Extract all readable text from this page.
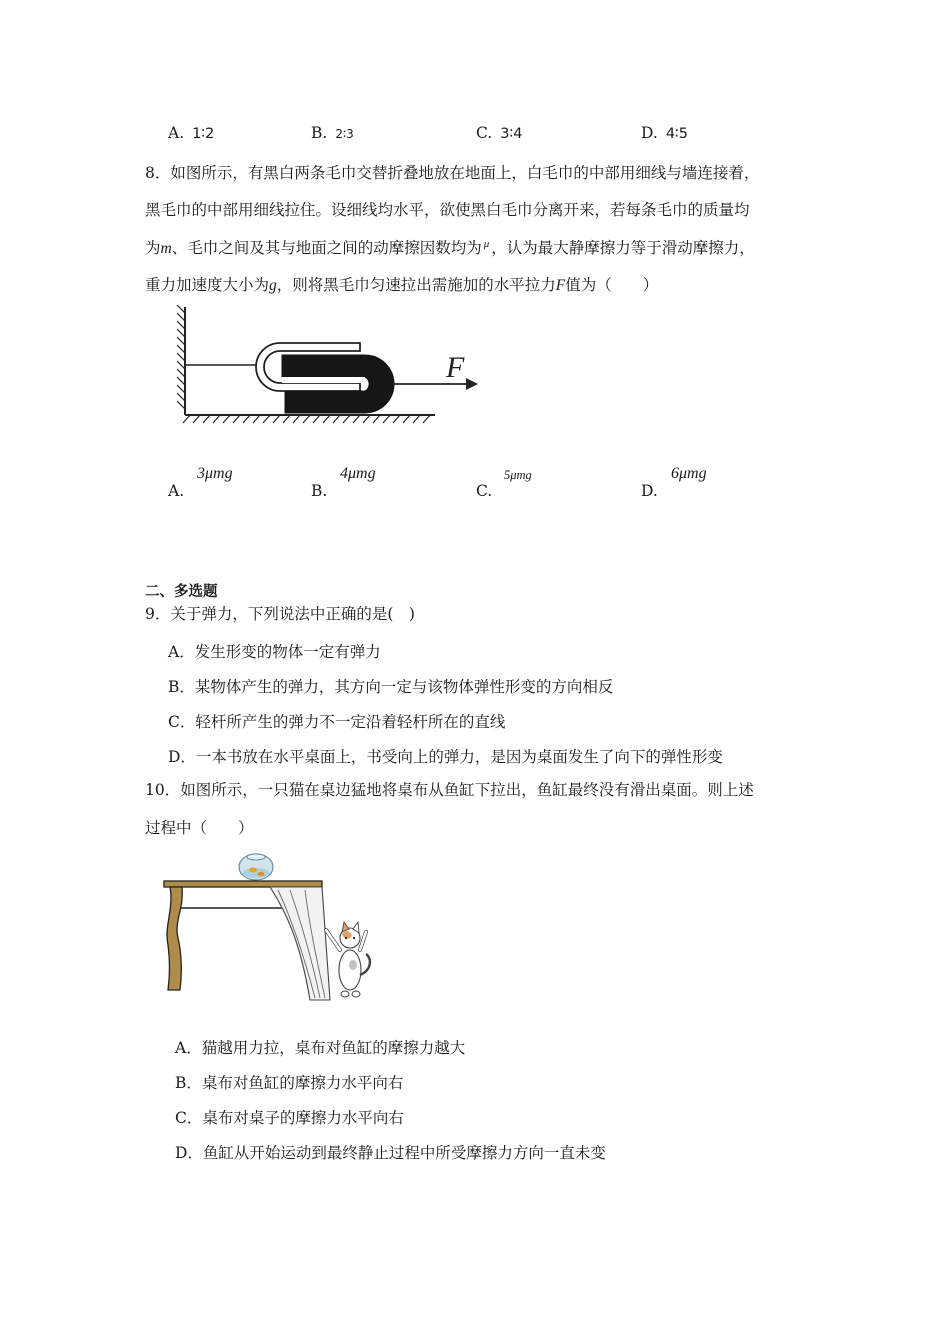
A. 1∶2	B. 2∶3	C. 3∶4	D. 4∶5
8．如图所示，有黑白两条毛巾交替折叠地放在地面上，白毛巾的中部用细线与墙连接着，
黑毛巾的中部用细线拉住。设细线均水平，欲使黑白毛巾分离开来，若每条毛巾的质量均
为m、毛巾之间及其与地面之间的动摩擦因数均为 $^\mu$ ，认为最大静摩擦力等于滑动摩擦力，
重力加速度大小为g，则将黑毛巾匀速拉出需施加的水平拉力F值为（　　）
F
A.
3μmg
B.
4μmg
C.
5μmg
D.
6μmg
二、多选题
9．关于弹力，下列说法中正确的是(　)
A．发生形变的物体一定有弹力
B．某物体产生的弹力，其方向一定与该物体弹性形变的方向相反
C．轻杆所产生的弹力不一定沿着轻杆所在的直线
D．一本书放在水平桌面上，书受向上的弹力，是因为桌面发生了向下的弹性形变
10．如图所示，一只猫在桌边猛地将桌布从鱼缸下拉出，鱼缸最终没有滑出桌面。则上述
过程中（　　）
A．猫越用力拉，桌布对鱼缸的摩擦力越大
B．桌布对鱼缸的摩擦力水平向右
C．桌布对桌子的摩擦力水平向右
D．鱼缸从开始运动到最终静止过程中所受摩擦力方向一直未变
